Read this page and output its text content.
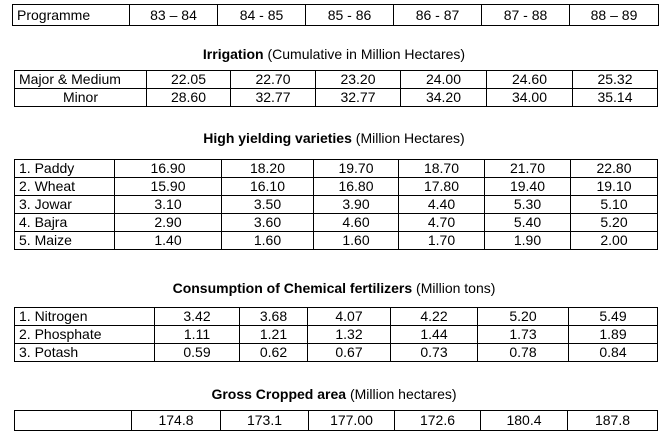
Programme	83 – 84	84 - 85	85 - 86	86 - 87	87 - 88	88 – 89
Irrigation (Cumulative in Million Hectares)
Major & Medium	22.05	22.70	23.20	24.00	24.60	25.32
Minor	28.60	32.77	32.77	34.20	34.00	35.14
High yielding varieties (Million Hectares)
1. Paddy	16.90	18.20	19.70	18.70	21.70	22.80
2. Wheat	15.90	16.10	16.80	17.80	19.40	19.10
3. Jowar	3.10	3.50	3.90	4.40	5.30	5.10
4. Bajra	2.90	3.60	4.60	4.70	5.40	5.20
5. Maize	1.40	1.60	1.60	1.70	1.90	2.00
Consumption of Chemical fertilizers (Million tons)
1. Nitrogen	3.42	3.68	4.07	4.22	5.20	5.49
2. Phosphate	1.11	1.21	1.32	1.44	1.73	1.89
3. Potash	0.59	0.62	0.67	0.73	0.78	0.84
Gross Cropped area (Million hectares)
	174.8	173.1	177.00	172.6	180.4	187.8
